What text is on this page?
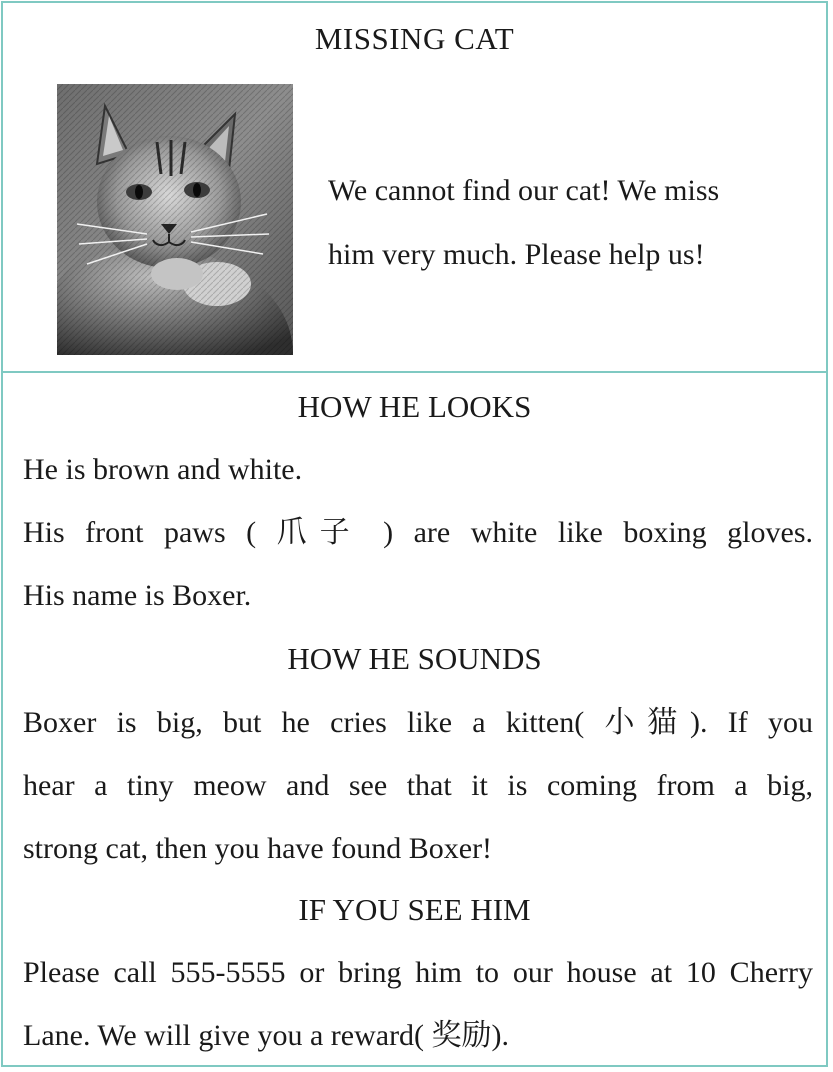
MISSING CAT

We cannot find our cat! We miss
him very much. Please help us!

HOW HE LOOKS

He is brown and white.
His front paws ( 爪子 ) are white like boxing gloves.
His name is Boxer.

HOW HE SOUNDS

Boxer is big, but he cries like a kitten( 小猫). If you
hear a tiny meow and see that it is coming from a big,
strong cat, then you have found Boxer!

IF YOU SEE HIM

Please call 555-5555 or bring him to our house at 10 Cherry
Lane. We will give you a reward( 奖励).
